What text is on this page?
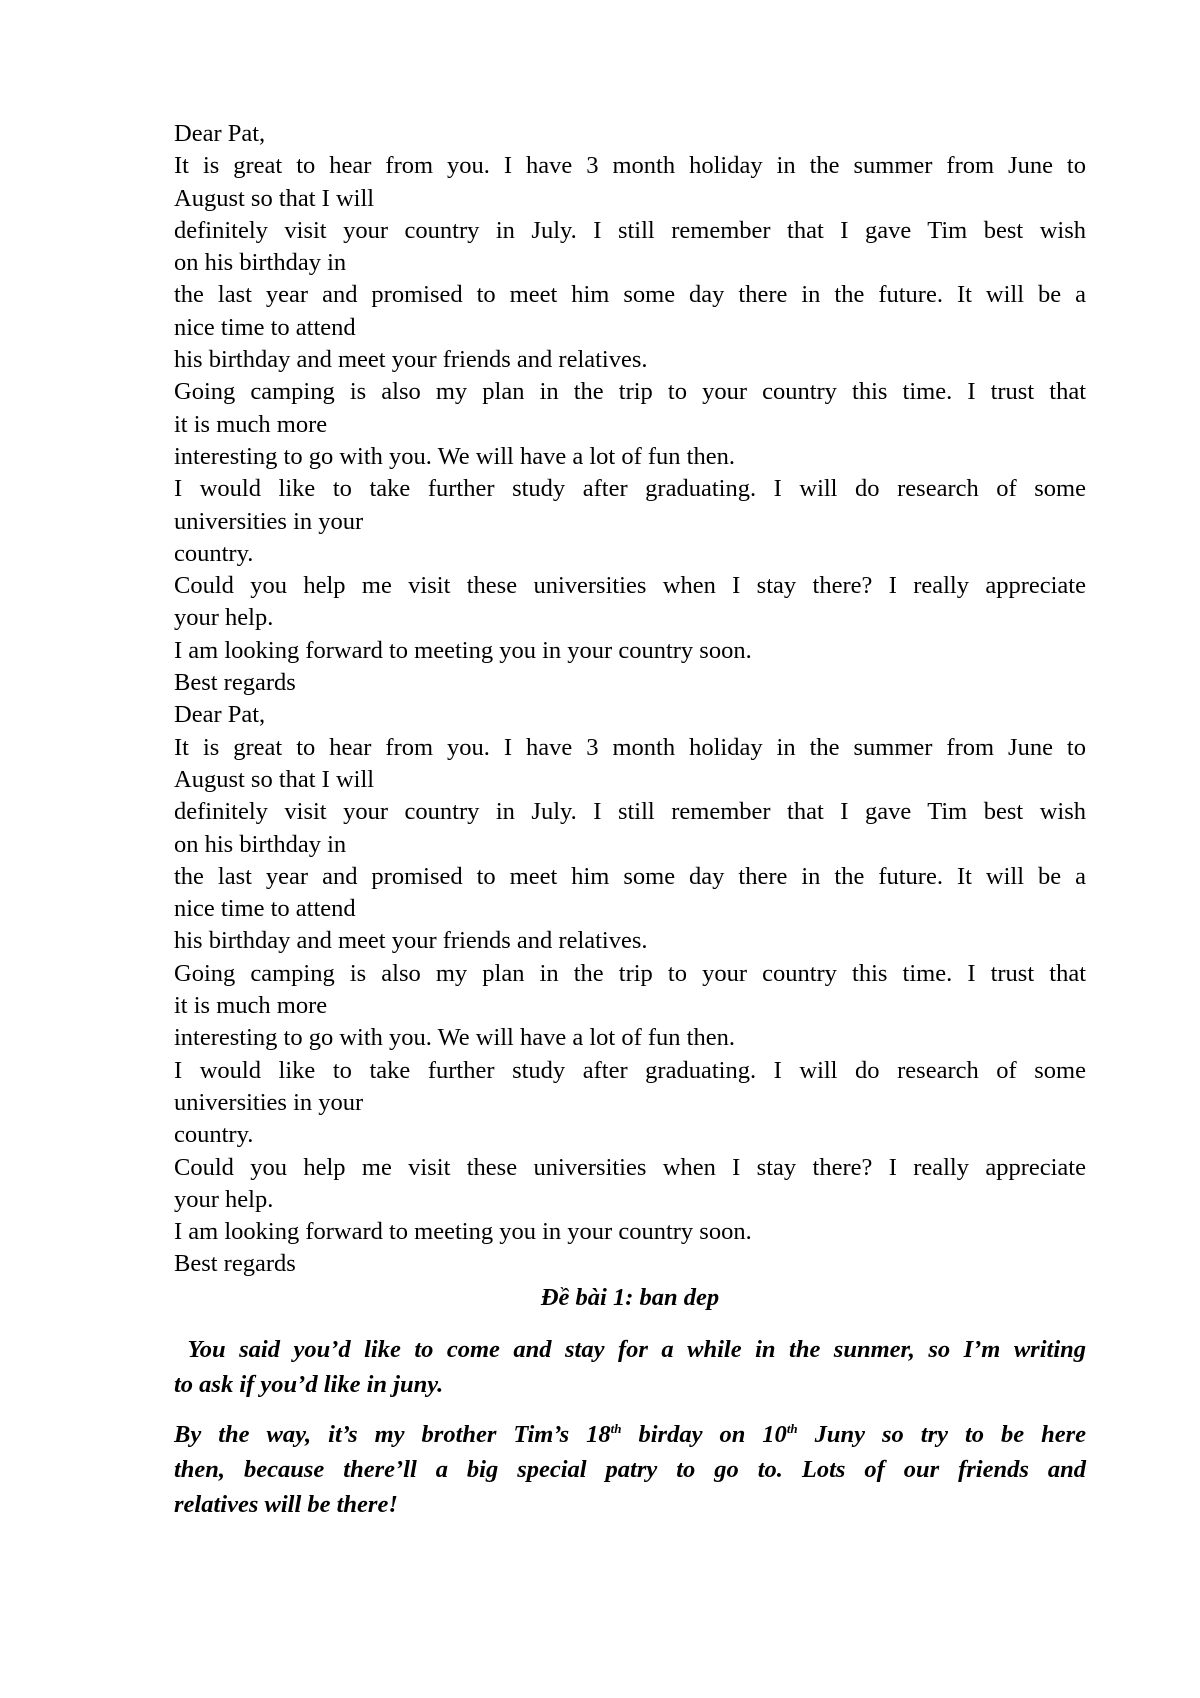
Dear Pat,
It is great to hear from you. I have 3 month holiday in the summer from June to
August so that I will
definitely visit your country in July. I still remember that I gave Tim best wish
on his birthday in
the last year and promised to meet him some day there in the future. It will be a
nice time to attend
his birthday and meet your friends and relatives.
Going camping is also my plan in the trip to your country this time. I trust that
it is much more
interesting to go with you. We will have a lot of fun then.
I would like to take further study after graduating. I will do research of some
universities in your
country.
Could you help me visit these universities when I stay there? I really appreciate
your help.
I am looking forward to meeting you in your country soon.
Best regards
Dear Pat,
It is great to hear from you. I have 3 month holiday in the summer from June to
August so that I will
definitely visit your country in July. I still remember that I gave Tim best wish
on his birthday in
the last year and promised to meet him some day there in the future. It will be a
nice time to attend
his birthday and meet your friends and relatives.
Going camping is also my plan in the trip to your country this time. I trust that
it is much more
interesting to go with you. We will have a lot of fun then.
I would like to take further study after graduating. I will do research of some
universities in your
country.
Could you help me visit these universities when I stay there? I really appreciate
your help.
I am looking forward to meeting you in your country soon.
Best regards
Đề bài 1: ban dep
You said you’d like to come and stay for a while in the sunmer, so I’m writing
to ask if you’d like in juny.
By the way, it’s my brother Tim’s 18th birday on 10th Juny so try to be here
then, because there’ll a big special patry to go to. Lots of our friends and
relatives will be there!
